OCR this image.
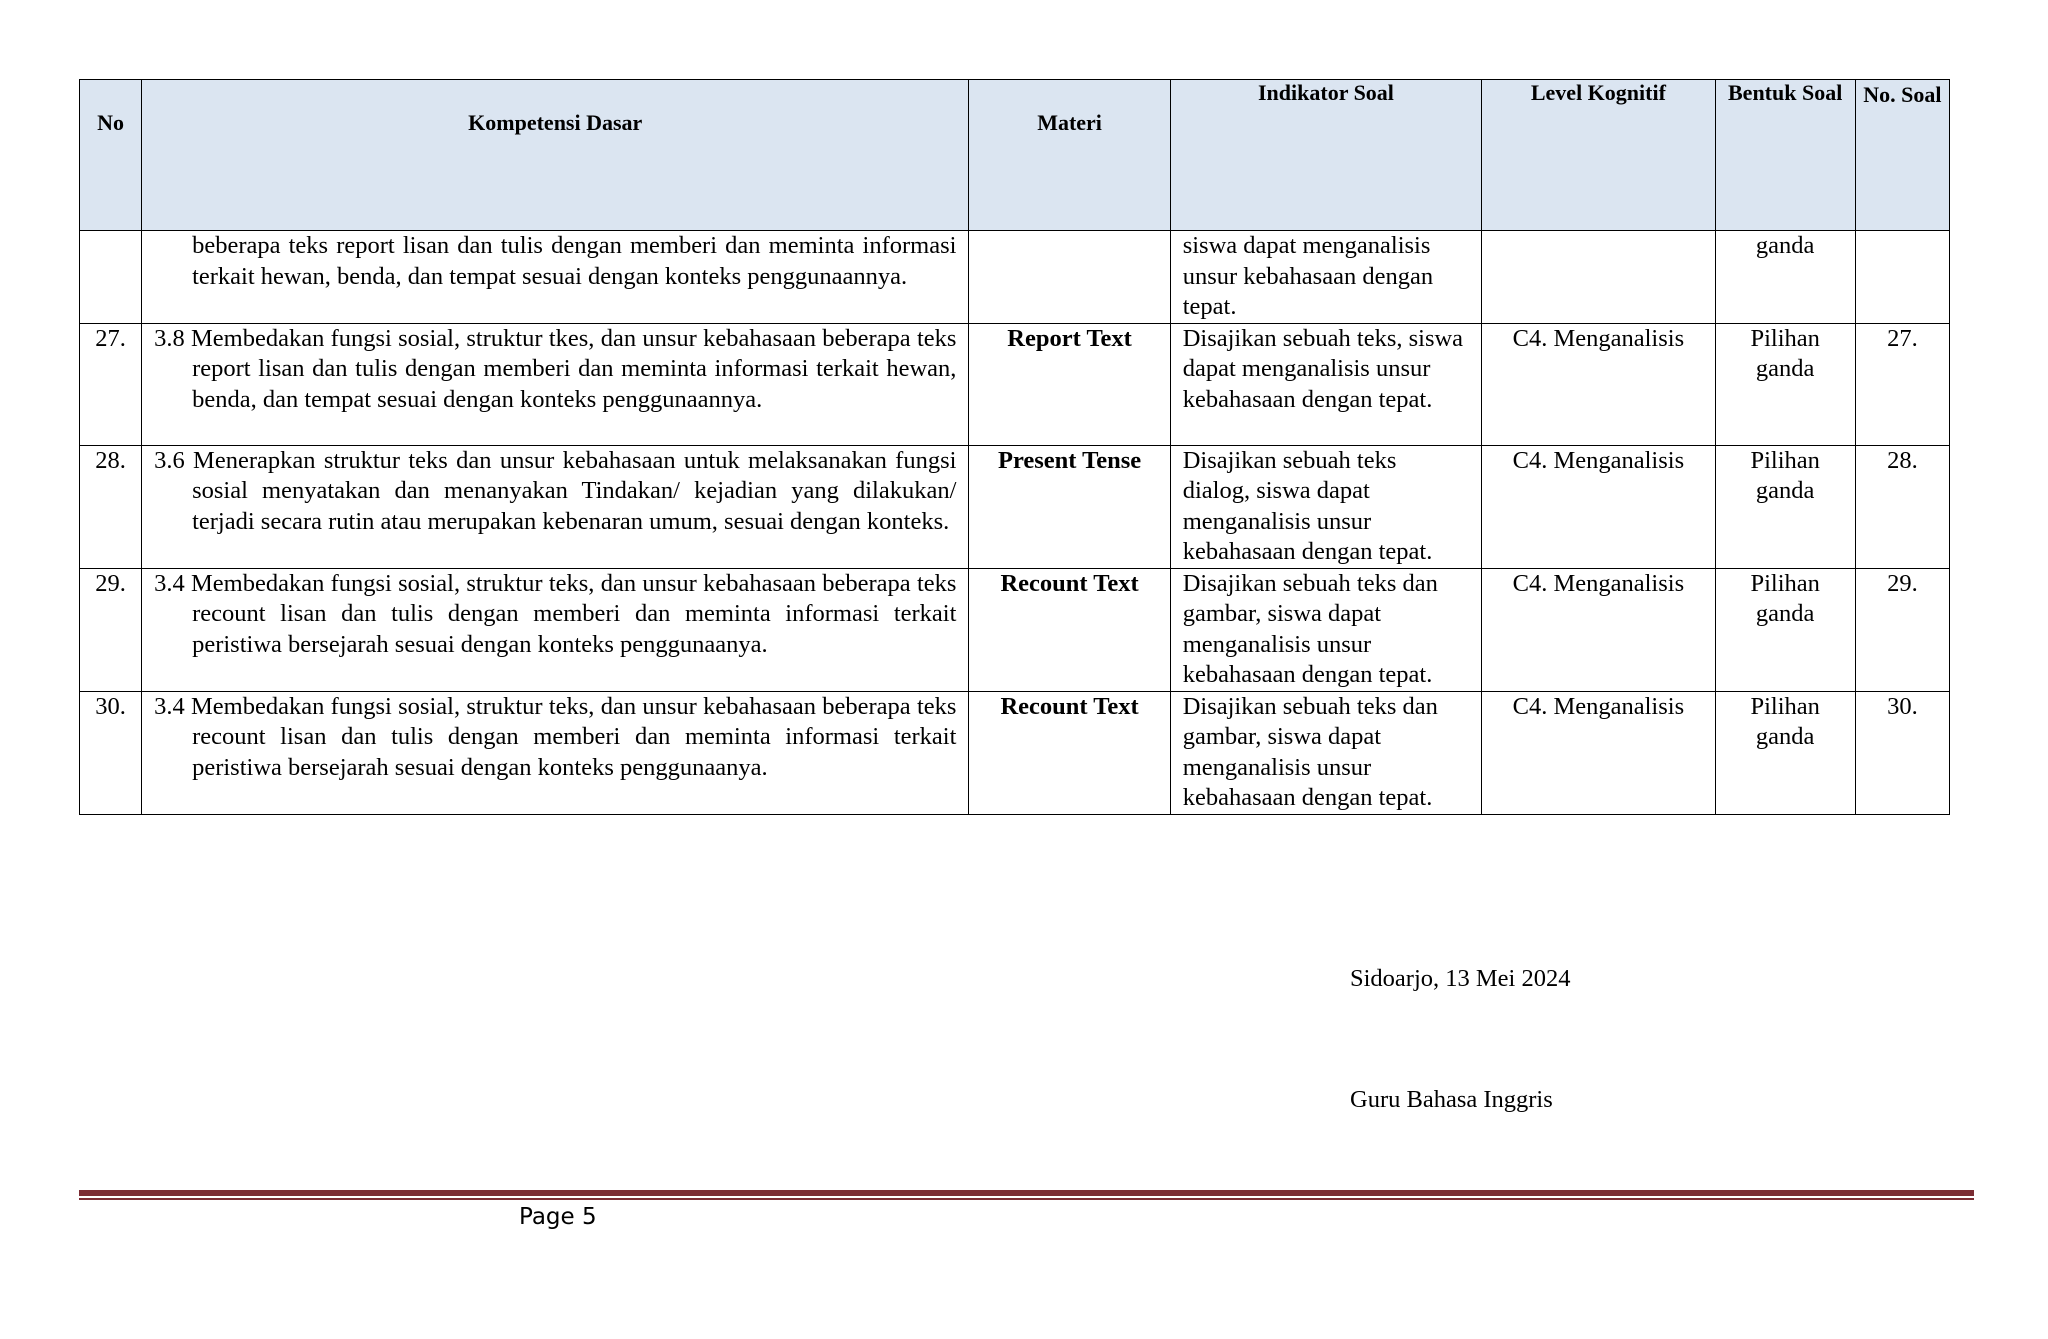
No	Kompetensi Dasar	Materi	Indikator Soal	Level Kognitif	Bentuk Soal	No. Soal

	beberapa teks report lisan dan tulis dengan memberi dan meminta informasi terkait hewan, benda, dan tempat sesuai dengan konteks penggunaannya.		siswa dapat menganalisis unsur kebahasaan dengan tepat.		ganda	
27.	3.8 Membedakan fungsi sosial, struktur tkes, dan unsur kebahasaan beberapa teks report lisan dan tulis dengan memberi dan meminta informasi terkait hewan, benda, dan tempat sesuai dengan konteks penggunaannya.	Report Text	Disajikan sebuah teks, siswa dapat menganalisis unsur kebahasaan dengan tepat.	C4. Menganalisis	Pilihan ganda	27.
28.	3.6 Menerapkan struktur teks dan unsur kebahasaan untuk melaksanakan fungsi sosial menyatakan dan menanyakan Tindakan/ kejadian yang dilakukan/ terjadi secara rutin atau merupakan kebenaran umum, sesuai dengan konteks.	Present Tense	Disajikan sebuah teks dialog, siswa dapat menganalisis unsur kebahasaan dengan tepat.	C4. Menganalisis	Pilihan ganda	28.
29.	3.4 Membedakan fungsi sosial, struktur teks, dan unsur kebahasaan beberapa teks recount lisan dan tulis dengan memberi dan meminta informasi terkait peristiwa bersejarah sesuai dengan konteks penggunaanya.	Recount Text	Disajikan sebuah teks dan gambar, siswa dapat menganalisis unsur kebahasaan dengan tepat.	C4. Menganalisis	Pilihan ganda	29.
30.	3.4 Membedakan fungsi sosial, struktur teks, dan unsur kebahasaan beberapa teks recount lisan dan tulis dengan memberi dan meminta informasi terkait peristiwa bersejarah sesuai dengan konteks penggunaanya.	Recount Text	Disajikan sebuah teks dan gambar, siswa dapat menganalisis unsur kebahasaan dengan tepat.	C4. Menganalisis	Pilihan ganda	30.
Sidoarjo, 13 Mei 2024
Guru Bahasa Inggris
Page 5
